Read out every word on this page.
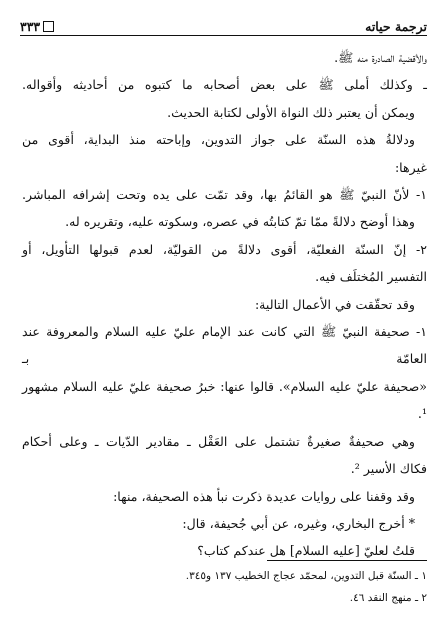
ترجمة حياته
٣٣٣

والأقضية الصادرة منه ﷺ.

ـ وكذلك أملى ﷺ على بعض أصحابه ما كتبوه من أحاديثه وأقواله.

ويمكن أن يعتبر ذلك النواة الأولى لكتابة الحديث.

ودلالةُ هذه السنّة على جواز التدوين، وإباحته منذ البداية، أقوى من

غيرها:

١- لأنّ النبيّ ﷺ هو القائمُ بها، وقد تمّت على يده وتحت إشرافه المباشر.

وهذا أوضح دلالةً ممّا تمّ كتابتُه في عصره، وسكوته عليه، وتقريره له.

٢- إنّ السنّة الفعليّة، أقوى دلالةً من القوليّة، لعدم قبولها التأويل، أو

التفسير المُختلَف فيه.

وقد تحقّقت في الأعمال التالية:

١- صحيفة النبيّ ﷺ التي كانت عند الإمام عليّ عليه السلام والمعروفة عند العامّة بـ

«صحيفة عليّ عليه السلام». قالوا عنها: خبرُ صحيفة عليّ عليه السلام مشهور ¹.

وهي صحيفةٌ صغيرةٌ تشتمل على العَقْل ـ مقادير الدّيات ـ وعلى أحكام

فكاك الأسير ².

وقد وقفنا على روايات عديدة ذكرت نبأ هذه الصحيفة، منها:

* أخرج البخاري، وغيره، عن أبي جُحيفة، قال:

قلتُ لعليّ [عليه السلام] هل عندكم كتاب؟

١ ـ السنّة قبل التدوين، لمحمّد عجاج الخطيب ١٣٧ و٣٤٥.

٢ ـ منهج النقد ٤٦.
